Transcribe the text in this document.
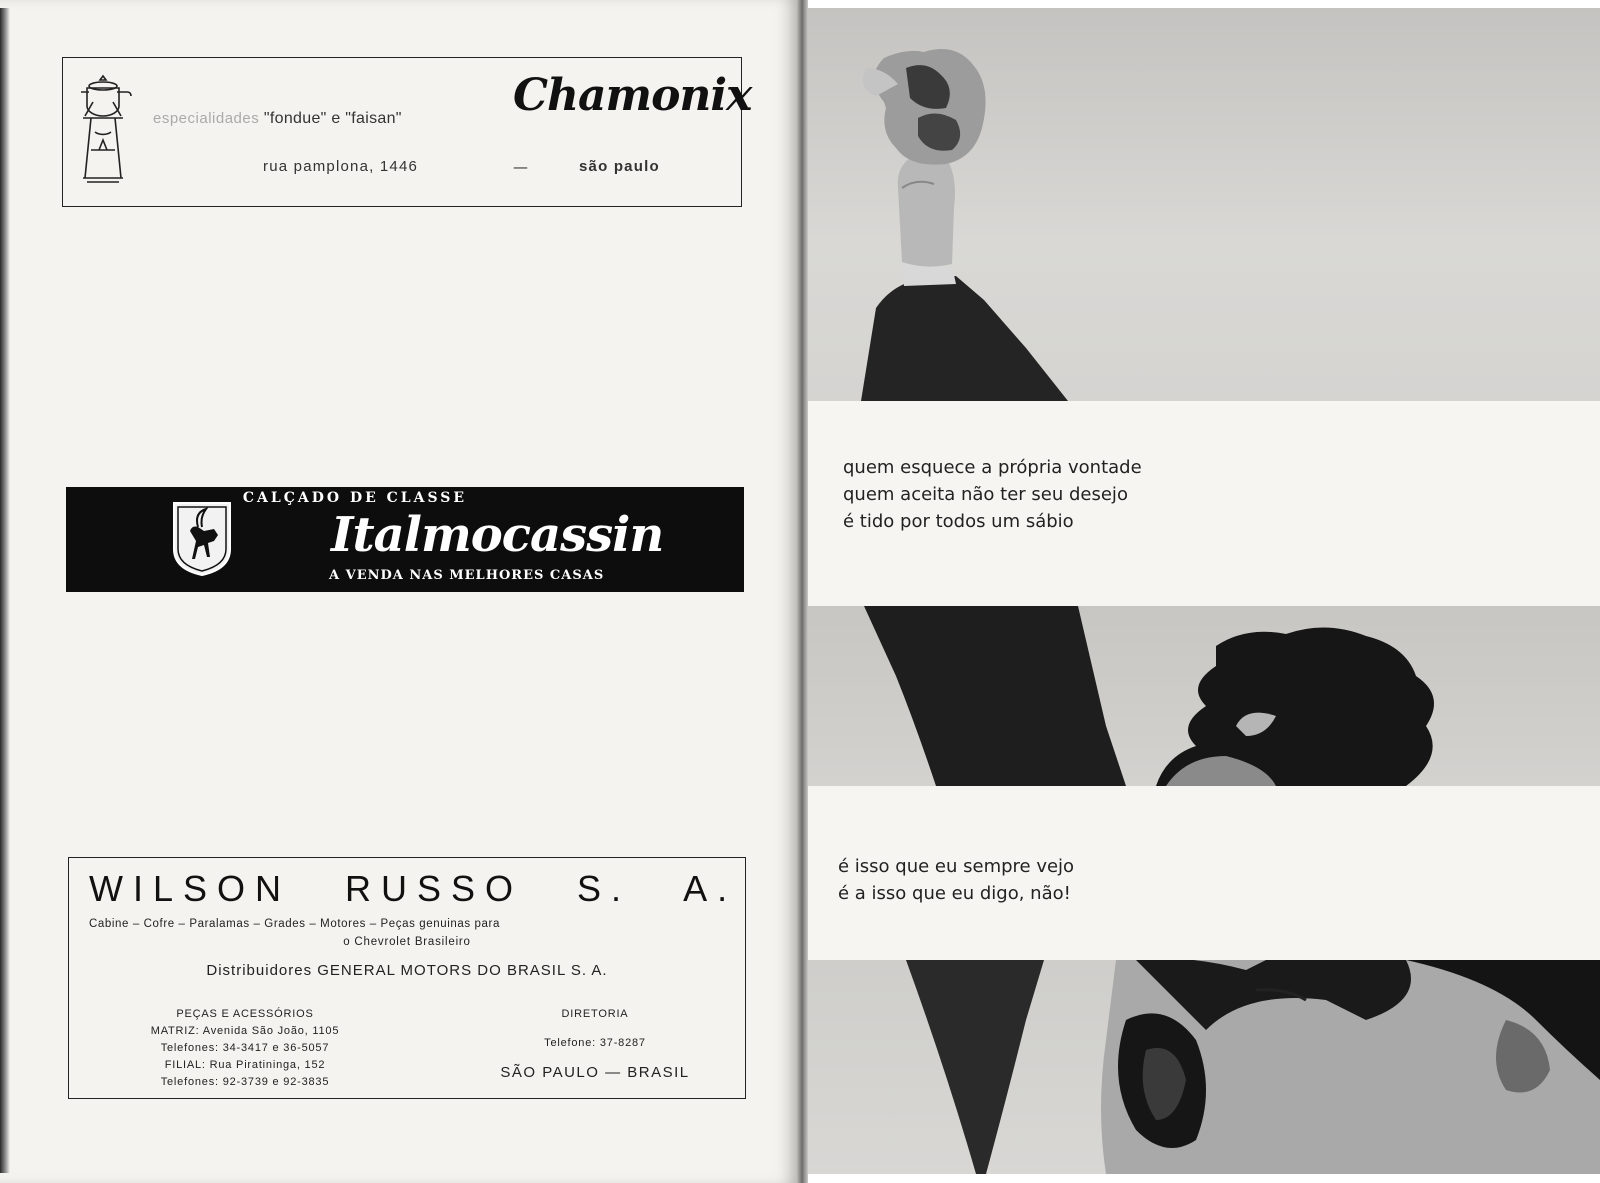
especialidades "fondue" e "faisan"	Chamonix
rua pamplona, 1446	—	são paulo
CALÇADO DE CLASSE
Italmocassin
A VENDA NAS MELHORES CASAS
WILSON RUSSO S. A.
Cabine – Cofre – Paralamas – Grades – Motores – Peças genuinas para
o Chevrolet Brasileiro
Distribuidores GENERAL MOTORS DO BRASIL S. A.
PEÇAS E ACESSÓRIOS
MATRIZ: Avenida São João, 1105
Telefones: 34-3417 e 36-5057
FILIAL: Rua Piratininga, 152
Telefones: 92-3739 e 92-3835
DIRETORIA
Telefone: 37-8287
SÃO PAULO — BRASIL
quem esquece a própria vontade
quem aceita não ter seu desejo
é tido por todos um sábio
é isso que eu sempre vejo
é a isso que eu digo, não!
